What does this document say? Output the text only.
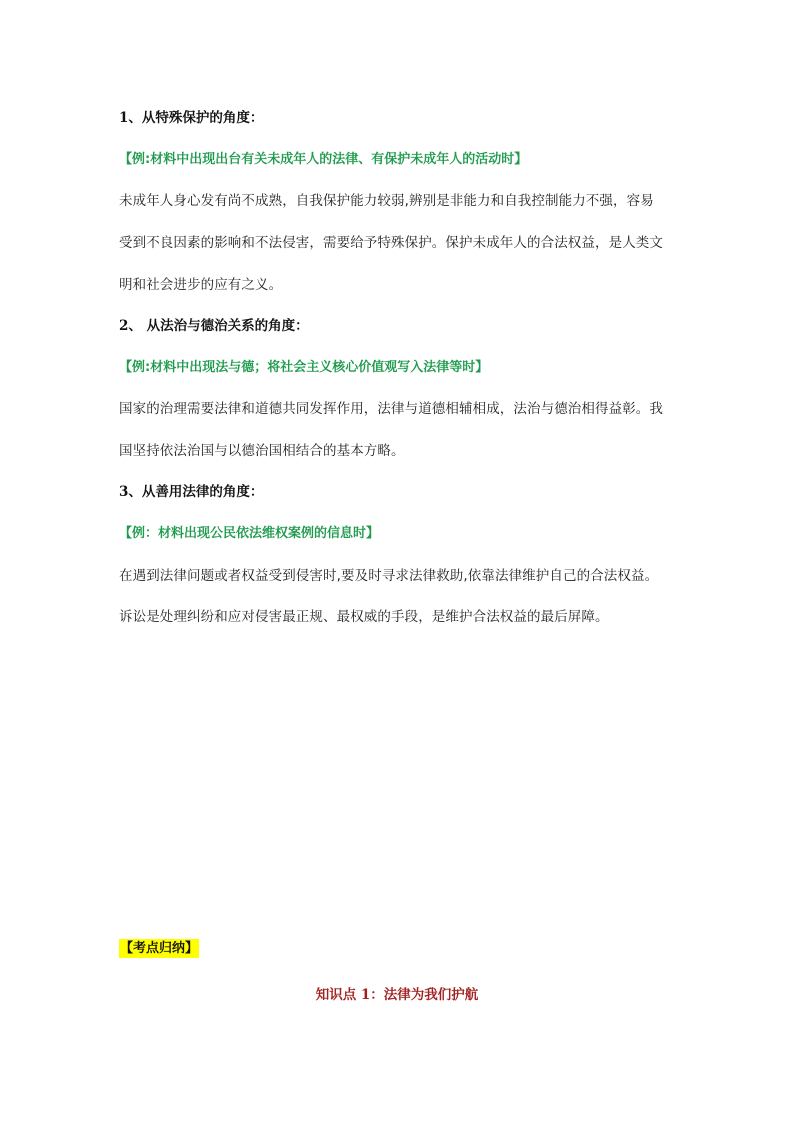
1、从特殊保护的角度：
【例:材料中出现出台有关未成年人的法律、有保护未成年人的活动时】
未成年人身心发有尚不成熟，自我保护能力较弱,辨别是非能力和自我控制能力不强，容易
受到不良因素的影响和不法侵害，需要给予特殊保护。保护未成年人的合法权益，是人类文
明和社会进步的应有之义。
2、 从法治与德治关系的角度：
【例:材料中出现法与德；将社会主义核心价值观写入法律等时】
国家的治理需要法律和道德共同发挥作用，法律与道德相辅相成，法治与德治相得益彰。我
国坚持依法治国与以德治国相结合的基本方略。
3、从善用法律的角度：
【例：材料出现公民依法维权案例的信息时】
在遇到法律问题或者权益受到侵害时,要及时寻求法律救助,依靠法律维护自己的合法权益。
诉讼是处理纠纷和应对侵害最正规、最权威的手段，是维护合法权益的最后屏障。
【考点归纳】
知识点 1：法律为我们护航
